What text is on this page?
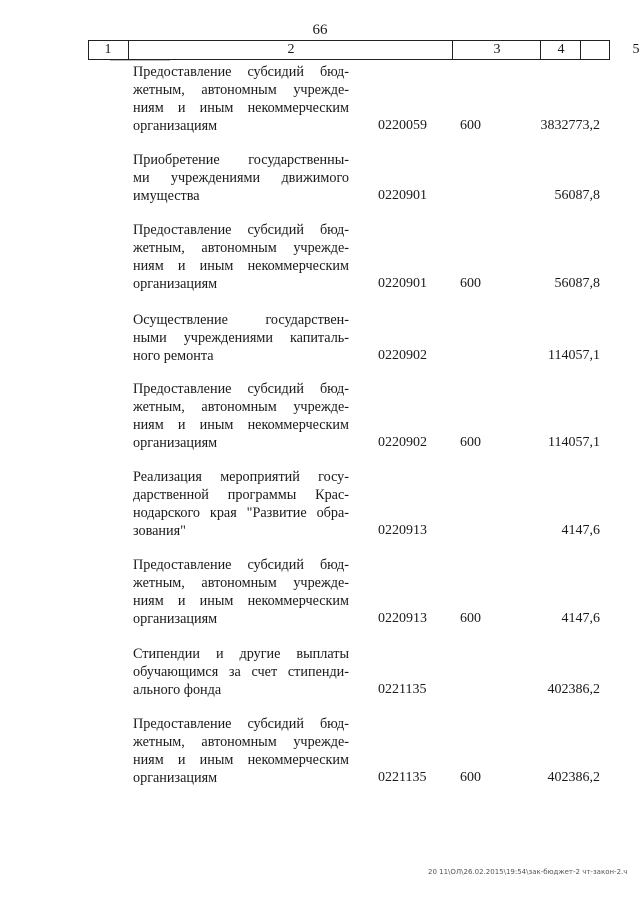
66
1	2	3	4	5
Предоставление субсидий бюд-
жетным, автономным учрежде-
ниям и иным некоммерческим
организациям	0220059 600	3832773,2
Приобретение государственны-
ми учреждениями движимого
имущества	0220901	56087,8
Предоставление субсидий бюд-
жетным, автономным учрежде-
ниям и иным некоммерческим
организациям	0220901 600	56087,8
Осуществление государствен-
ными учреждениями капиталь-
ного ремонта	0220902	114057,1
Предоставление субсидий бюд-
жетным, автономным учрежде-
ниям и иным некоммерческим
организациям	0220902 600	114057,1
Реализация мероприятий госу-
дарственной программы Крас-
нодарского края "Развитие обра-
зования"	0220913	4147,6
Предоставление субсидий бюд-
жетным, автономным учрежде-
ниям и иным некоммерческим
организациям	0220913 600	4147,6
Стипендии и другие выплаты
обучающимся за счет стипенди-
ального фонда	0221135	402386,2
Предоставление субсидий бюд-
жетным, автономным учрежде-
ниям и иным некоммерческим
организациям	0221135 600	402386,2
20 11\ОЛ\26.02.2015\19:54\зак-бюджет-2 чт-закон-2.ч
